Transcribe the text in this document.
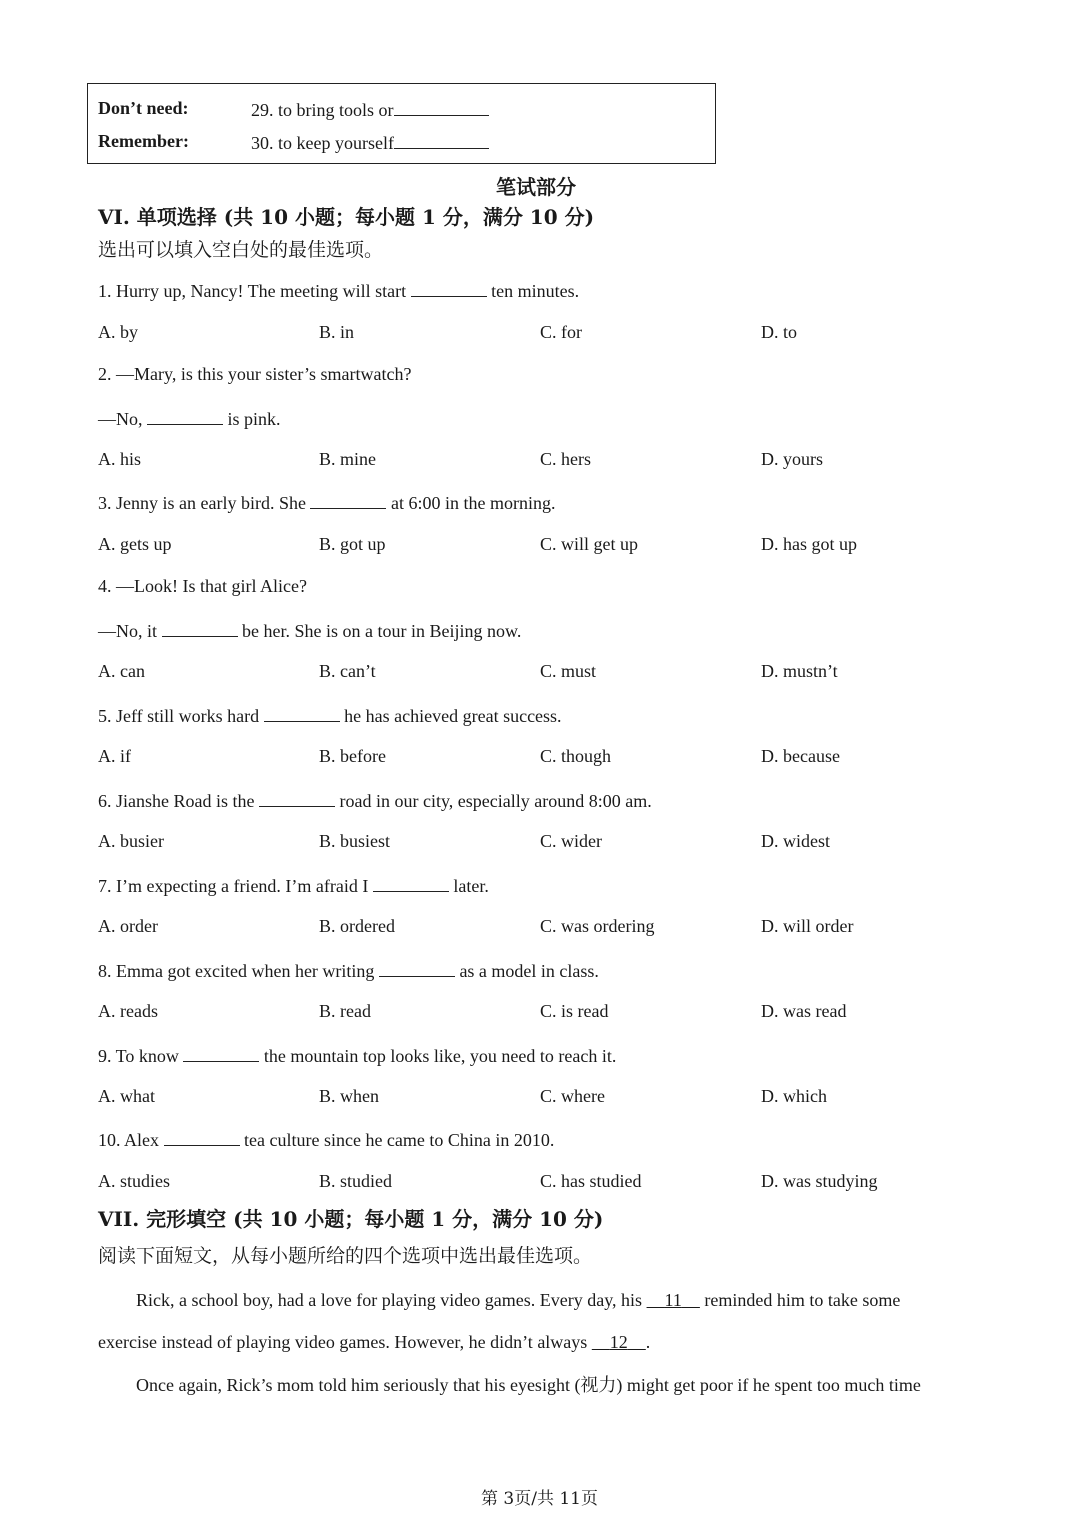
Don’t need:	29. to bring tools or
Remember:	30. to keep yourself
笔试部分
VI. 单项选择 (共 10 小题；每小题 1 分，满分 10 分)
选出可以填入空白处的最佳选项。
1. Hurry up, Nancy! The meeting will start	ten minutes.
A. by	B. in	C. for	D. to
2. —Mary, is this your sister’s smartwatch?
—No,	is pink.
A. his	B. mine	C. hers	D. yours
3. Jenny is an early bird. She	at 6:00 in the morning.
A. gets up	B. got up	C. will get up	D. has got up
4. —Look! Is that girl Alice?
—No, it	be her. She is on a tour in Beijing now.
A. can	B. can’t	C. must	D. mustn’t
5. Jeff still works hard	he has achieved great success.
A. if	B. before	C. though	D. because
6. Jianshe Road is the	road in our city, especially around 8:00 am.
A. busier	B. busiest	C. wider	D. widest
7. I’m expecting a friend. I’m afraid I	later.
A. order	B. ordered	C. was ordering	D. will order
8. Emma got excited when her writing	as a model in class.
A. reads	B. read	C. is read	D. was read
9. To know	the mountain top looks like, you need to reach it.
A. what	B. when	C. where	D. which
10. Alex	tea culture since he came to China in 2010.
A. studies	B. studied	C. has studied	D. was studying
VII. 完形填空 (共 10 小题；每小题 1 分，满分 10 分)
阅读下面短文，从每小题所给的四个选项中选出最佳选项。
Rick, a school boy, had a love for playing video games. Every day, his 11 reminded him to take some
exercise instead of playing video games. However, he didn’t always 12 .
Once again, Rick’s mom told him seriously that his eyesight (视力) might get poor if he spent too much time
第 3页/共 11页
